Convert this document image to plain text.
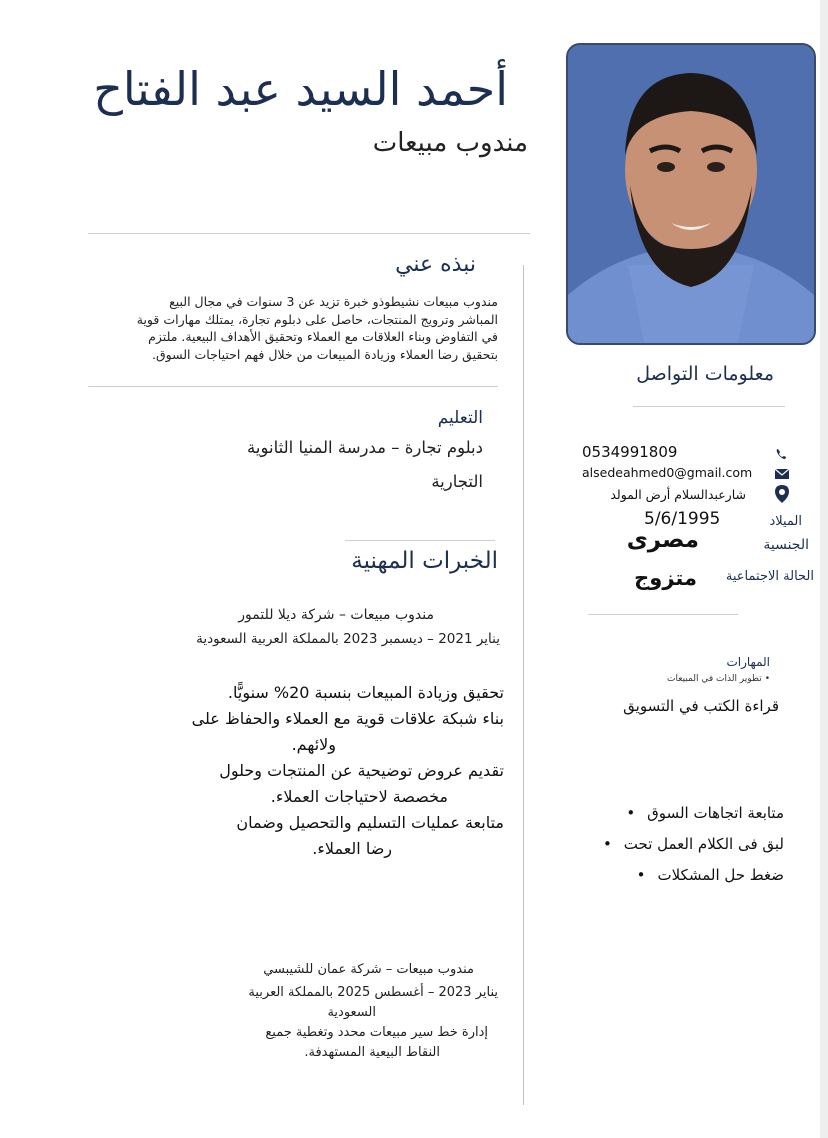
أحمد السيد عبد الفتاح
مندوب مبيعات
نبذه عني
مندوب مبيعات نشيطوذو خبرة تزيد عن 3 سنوات في مجال البيع
المباشر وترويج المنتجات، حاصل على دبلوم تجارة، يمتلك مهارات قوية
في التفاوض وبناء العلاقات مع العملاء وتحقيق الأهداف البيعية. ملتزم
بتحقيق رضا العملاء وزيادة المبيعات من خلال فهم احتياجات السوق.
التعليم
دبلوم تجارة – مدرسة المنيا الثانوية
التجارية
الخبرات المهنية
مندوب مبيعات – شركة ديلا للتمور
يناير 2021 – ديسمبر 2023 بالمملكة العربية السعودية
تحقيق وزيادة المبيعات بنسبة 20% سنويًّا.
بناء شبكة علاقات قوية مع العملاء والحفاظ على
ولائهم.
تقديم عروض توضيحية عن المنتجات وحلول
مخصصة لاحتياجات العملاء.
متابعة عمليات التسليم والتحصيل وضمان
رضا العملاء.
مندوب مبيعات – شركة عمان للشيبسي
يناير 2023 – أغسطس 2025 بالمملكة العربية
السعودية
إدارة خط سير مبيعات محدد وتغطية جميع
النقاط البيعية المستهدفة.
معلومات التواصل
0534991809
alsedeahmed0@gmail.com
شارعبدالسلام أرض المولد
الميلاد
5/6/1995
الجنسية
مصرى
الحالة الاجتماعية
متزوج
المهارات
• تطوير الذات في المبيعات
قراءة الكتب في التسويق
متابعة اتجاهات السوق •
لبق فى الكلام العمل تحت •
ضغط حل المشكلات •
